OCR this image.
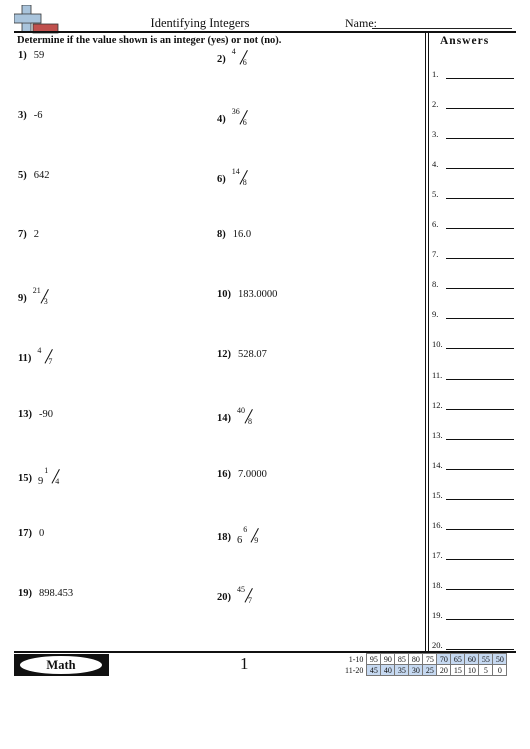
Identifying Integers	Name:
Determine if the value shown is an integer (yes) or not (no).	Answers
1) 59	2)
4
6
3) -6	4)
36
6
5) 642	6)
14
8
7) 2	8) 16.0
9)
21
3
10) 183.0000
11)
4
7
12) 528.07
13) -90	14)
40
8
15) 9
1
4
16) 7.0000
17) 0	18) 6
6
9
19) 898.453	20)
45
7
1.
2.
3.
4.
5.
6.
7.
8.
9.
10.
11.
12.
13.
14.
15.
16.
17.
18.
19.
20.
Math	1	1-10	95	90	85	80	75	70	65	60	55	50
11-20	45	40	35	30	25	20	15	10	5	0
